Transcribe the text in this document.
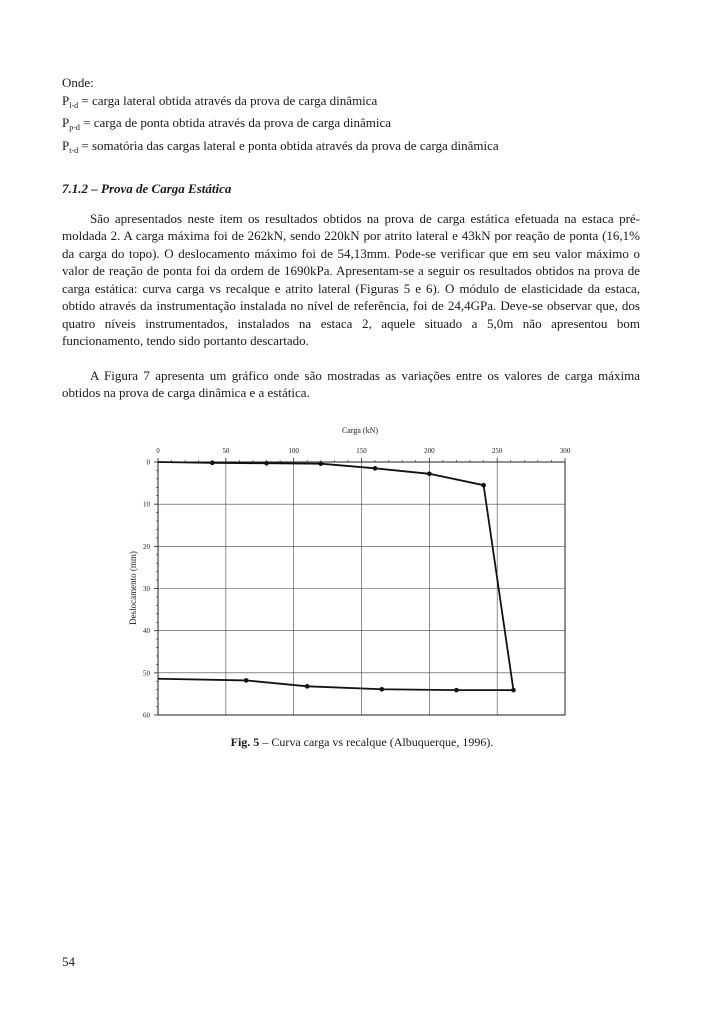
Onde:
$P_{l-d}$ = carga lateral obtida através da prova de carga dinâmica
$P_{p-d}$ = carga de ponta obtida através da prova de carga dinâmica
$P_{t-d}$ = somatória das cargas lateral e ponta obtida através da prova de carga dinâmica
7.1.2 – Prova de Carga Estática

São apresentados neste item os resultados obtidos na prova de carga estática efetuada na estaca pré-moldada 2. A carga máxima foi de 262kN, sendo 220kN por atrito lateral e 43kN por reação de ponta (16,1% da carga do topo). O deslocamento máximo foi de 54,13mm. Pode-se verificar que em seu valor máximo o valor de reação de ponta foi da ordem de 1690kPa. Apresentam-se a seguir os resultados obtidos na prova de carga estática: curva carga vs recalque e atrito lateral (Figuras 5 e 6). O módulo de elasticidade da estaca, obtido através da instrumentação instalada no nível de referência, foi de 24,4GPa. Deve-se observar que, dos quatro níveis instrumentados, instalados na estaca 2, aquele situado a 5,0m não apresentou bom funcionamento, tendo sido portanto descartado.

A Figura 7 apresenta um gráfico onde são mostradas as variações entre os valores de carga máxima obtidos na prova de carga dinâmica e a estática.

Carga (kN)
Deslocamento (mm)
0	50	100	150	200	250	300
0
10
20
30
40
50
60
Fig. 5 – Curva carga vs recalque (Albuquerque, 1996).
54
